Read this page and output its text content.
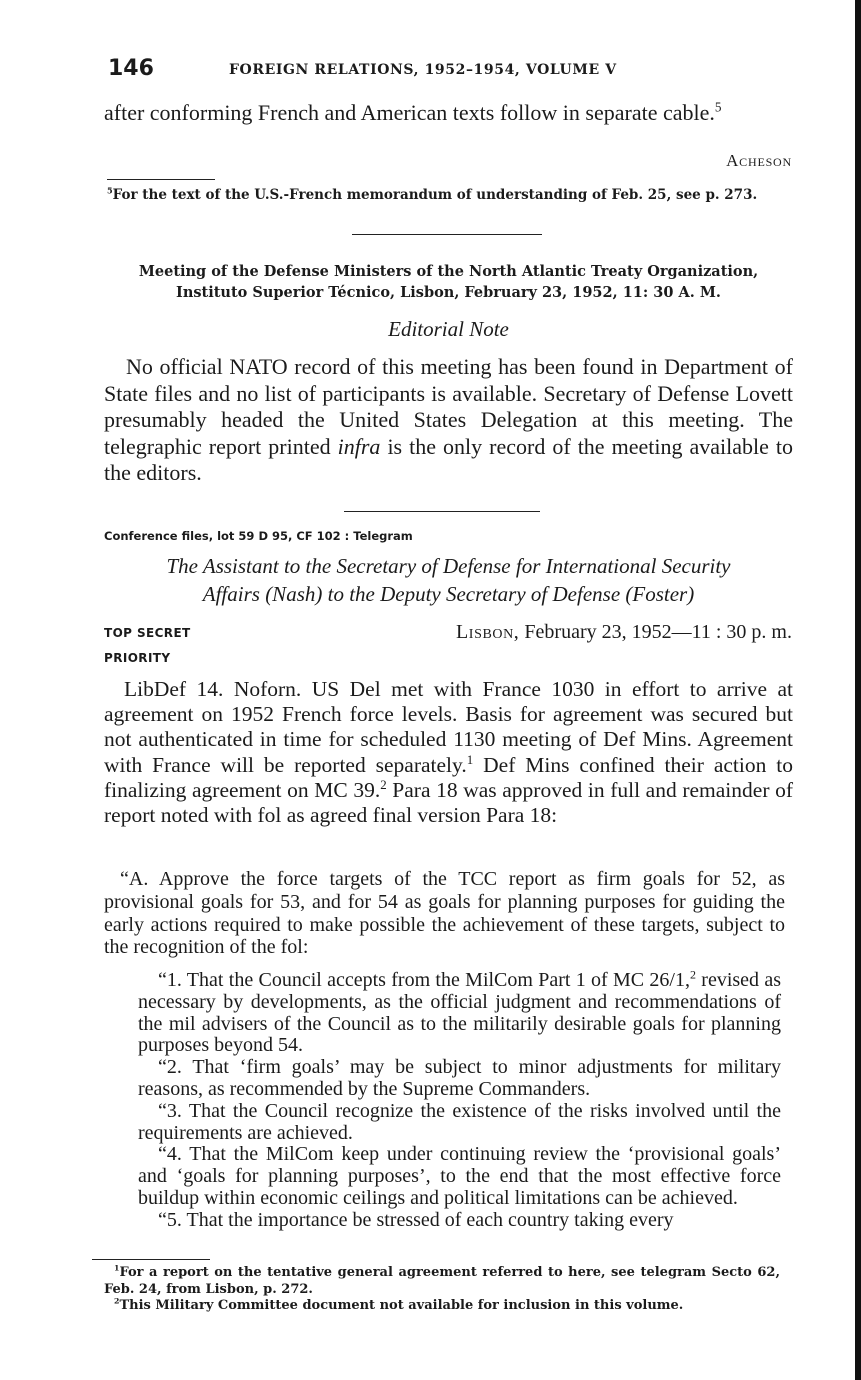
146	FOREIGN RELATIONS, 1952–1954, VOLUME V
after conforming French and American texts follow in separate cable.$^5$
Acheson
$^5$For the text of the U.S.-French memorandum of understanding of Feb. 25, see p. 273.
Meeting of the Defense Ministers of the North Atlantic Treaty Organization,
Instituto Superior Técnico, Lisbon, February 23, 1952, 11: 30 A. M.
Editorial Note
No official NATO record of this meeting has been found in Department of State files and no list of participants is available. Secretary of Defense Lovett presumably headed the United States Delegation at this meeting. The telegraphic report printed infra is the only record of the meeting available to the editors.
Conference files, lot 59 D 95, CF 102 : Telegram
The Assistant to the Secretary of Defense for International Security
Affairs (Nash) to the Deputy Secretary of Defense (Foster)
TOP SECRET
PRIORITY
Lisbon, February 23, 1952—11 : 30 p. m.
LibDef 14. Noforn. US Del met with France 1030 in effort to arrive at agreement on 1952 French force levels. Basis for agreement was secured but not authenticated in time for scheduled 1130 meeting of Def Mins. Agreement with France will be reported separately.$^1$ Def Mins confined their action to finalizing agreement on MC 39.$^2$ Para 18 was approved in full and remainder of report noted with fol as agreed final version Para 18:
“A. Approve the force targets of the TCC report as firm goals for 52, as provisional goals for 53, and for 54 as goals for planning purposes for guiding the early actions required to make possible the achievement of these targets, subject to the recognition of the fol:

“1. That the Council accepts from the MilCom Part 1 of MC 26/1,$^2$ revised as necessary by developments, as the official judgment and recommendations of the mil advisers of the Council as to the militarily desirable goals for planning purposes beyond 54.

“2. That ‘firm goals’ may be subject to minor adjustments for military reasons, as recommended by the Supreme Commanders.

“3. That the Council recognize the existence of the risks involved until the requirements are achieved.

“4. That the MilCom keep under continuing review the ‘provisional goals’ and ‘goals for planning purposes’, to the end that the most effective force buildup within economic ceilings and political limitations can be achieved.

“5. That the importance be stressed of each country taking every

$^1$For a report on the tentative general agreement referred to here, see telegram Secto 62, Feb. 24, from Lisbon, p. 272.

$^2$This Military Committee document not available for inclusion in this volume.
